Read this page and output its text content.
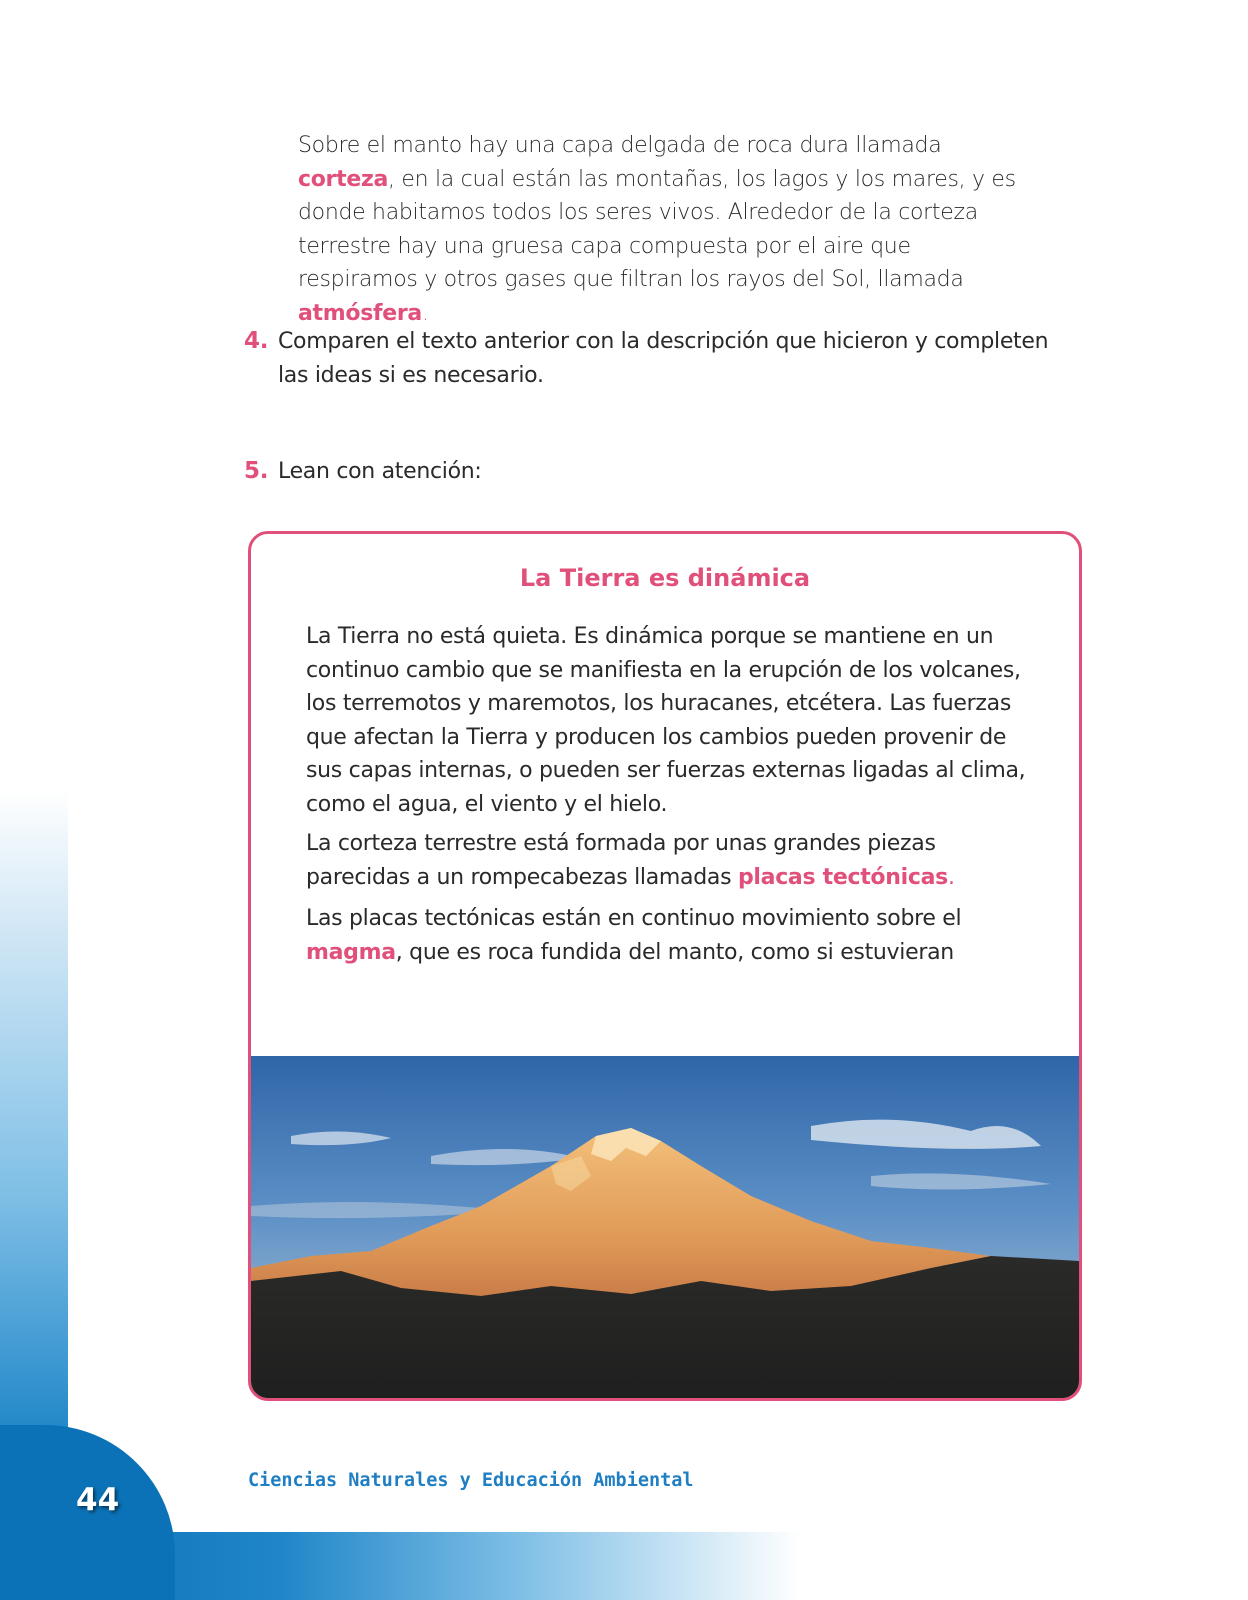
44
Ciencias Naturales y Educación Ambiental
Sobre el manto hay una capa delgada de roca dura llamada corteza, en la cual están las montañas, los lagos y los mares, y es donde habitamos todos los seres vivos. Alrededor de la corteza terrestre hay una gruesa capa compuesta por el aire que respiramos y otros gases que filtran los rayos del Sol, llamada atmósfera.
4. Comparen el texto anterior con la descripción que hicieron y completen las ideas si es necesario.
5. Lean con atención:
La Tierra es dinámica
La Tierra no está quieta. Es dinámica porque se mantiene en un continuo cambio que se manifiesta en la erupción de los volcanes, los terremotos y maremotos, los huracanes, etcétera. Las fuerzas que afectan la Tierra y producen los cambios pueden provenir de sus capas internas, o pueden ser fuerzas externas ligadas al clima, como el agua, el viento y el hielo.
La corteza terrestre está formada por unas grandes piezas parecidas a un rompecabezas llamadas placas tectónicas.
Las placas tectónicas están en continuo movimiento sobre el magma, que es roca fundida del manto, como si estuvieran
